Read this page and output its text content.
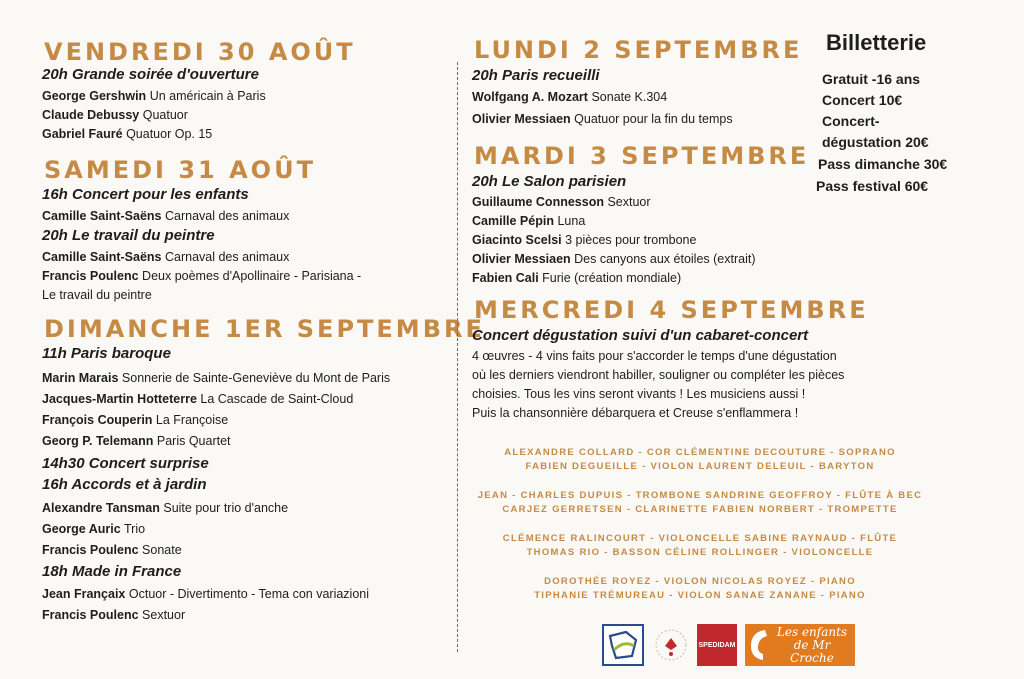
VENDREDI 30 AOÛT

20h Grande soirée d'ouverture

George Gershwin Un américain à Paris

Claude Debussy Quatuor

Gabriel Fauré Quatuor Op. 15

SAMEDI 31 AOÛT

16h Concert pour les enfants

Camille Saint-Saëns Carnaval des animaux

20h Le travail du peintre

Camille Saint-Saëns Carnaval des animaux

Francis Poulenc Deux poèmes d'Apollinaire - Parisiana -

Le travail du peintre

DIMANCHE 1ER SEPTEMBRE

11h Paris baroque

Marin Marais Sonnerie de Sainte-Geneviève du Mont de Paris

Jacques-Martin Hotteterre La Cascade de Saint-Cloud

François Couperin La Françoise

Georg P. Telemann Paris Quartet

14h30 Concert surprise

16h Accords et à jardin

Alexandre Tansman Suite pour trio d'anche

George Auric Trio

Francis Poulenc Sonate

18h Made in France

Jean Françaix Octuor - Divertimento - Tema con variazioni

Francis Poulenc Sextuor

LUNDI 2 SEPTEMBRE

20h Paris recueilli

Wolfgang A. Mozart Sonate K.304

Olivier Messiaen Quatuor pour la fin du temps

MARDI 3 SEPTEMBRE

20h Le Salon parisien

Guillaume Connesson Sextuor

Camille Pépin Luna

Giacinto Scelsi 3 pièces pour trombone

Olivier Messiaen Des canyons aux étoiles (extrait)

Fabien Cali Furie (création mondiale)

MERCREDI 4 SEPTEMBRE

Concert dégustation suivi d'un cabaret-concert

4 œuvres - 4 vins faits pour s'accorder le temps d'une dégustation

où les derniers viendront habiller, souligner ou compléter les pièces

choisies. Tous les vins seront vivants ! Les musiciens aussi !

Puis la chansonnière débarquera et Creuse s'enflammera !

Billetterie

Gratuit -16 ans

Concert 10€

Concert-

dégustation 20€

Pass dimanche 30€

Pass festival 60€

ALEXANDRE COLLARD - COR CLÉMENTINE DECOUTURE - SOPRANO

FABIEN DEGUEILLE - VIOLON LAURENT DELEUIL - BARYTON

JEAN - CHARLES DUPUIS - TROMBONE SANDRINE GEOFFROY - FLÛTE À BEC

CARJEZ GERRETSEN - CLARINETTE FABIEN NORBERT - TROMPETTE

CLÉMENCE RALINCOURT - VIOLONCELLE SABINE RAYNAUD - FLÛTE

THOMAS RIO - BASSON CÉLINE ROLLINGER - VIOLONCELLE

DOROTHÉE ROYEZ - VIOLON NICOLAS ROYEZ - PIANO

TIPHANIE TRÉMUREAU - VIOLON SANAE ZANANE - PIANO

SPEDIDAM
Les enfants de Mr Croche
